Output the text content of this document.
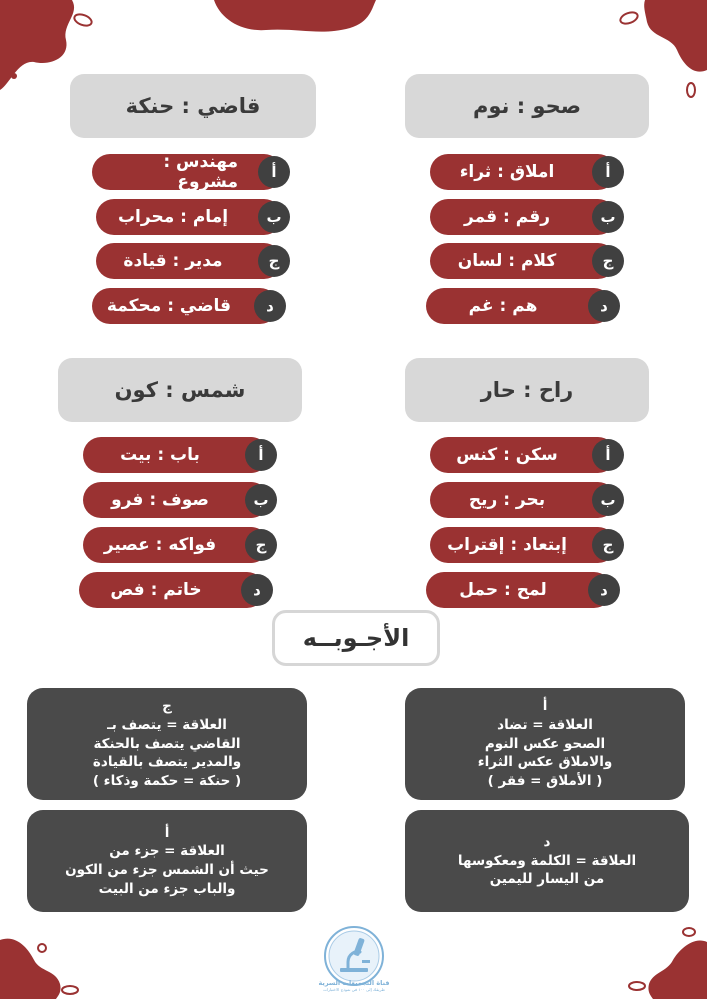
صحو : نوم
املاق : ثراء	أ
رقم : قمر	ب
كلام : لسان	ج
هم : غم	د
قاضي : حنكة
مهندس : مشروع	أ
إمام : محراب	ب
مدير : قيادة	ج
قاضي : محكمة	د
راح : حار
سكن : كنس	أ
بحر : ريح	ب
إبتعاد : إقتراب	ج
لمح : حمل	د
شمس : كون
باب : بيت	أ
صوف : فرو	ب
فواكه : عصير	ج
خاتم : فص	د
الأجـوبــه
أ
العلاقة = تضاد
الصحو عكس النوم
والاملاق عكس الثراء
( الأملاق = فقر )
ج
العلاقة = يتصف بـ
القاضي يتصف بالحنكة
والمدير يتصف بالقيادة
( حنكة = حكمة وذكاء )
د
العلاقة = الكلمة ومعكوسها
من اليسار لليمين
أ
العلاقة = جزء من
حيث أن الشمس جزء من الكون
والباب جزء من البيت
قناة التجميعات السرية
طريقك إلى ١٠٠ في نموذج الاختبارات
